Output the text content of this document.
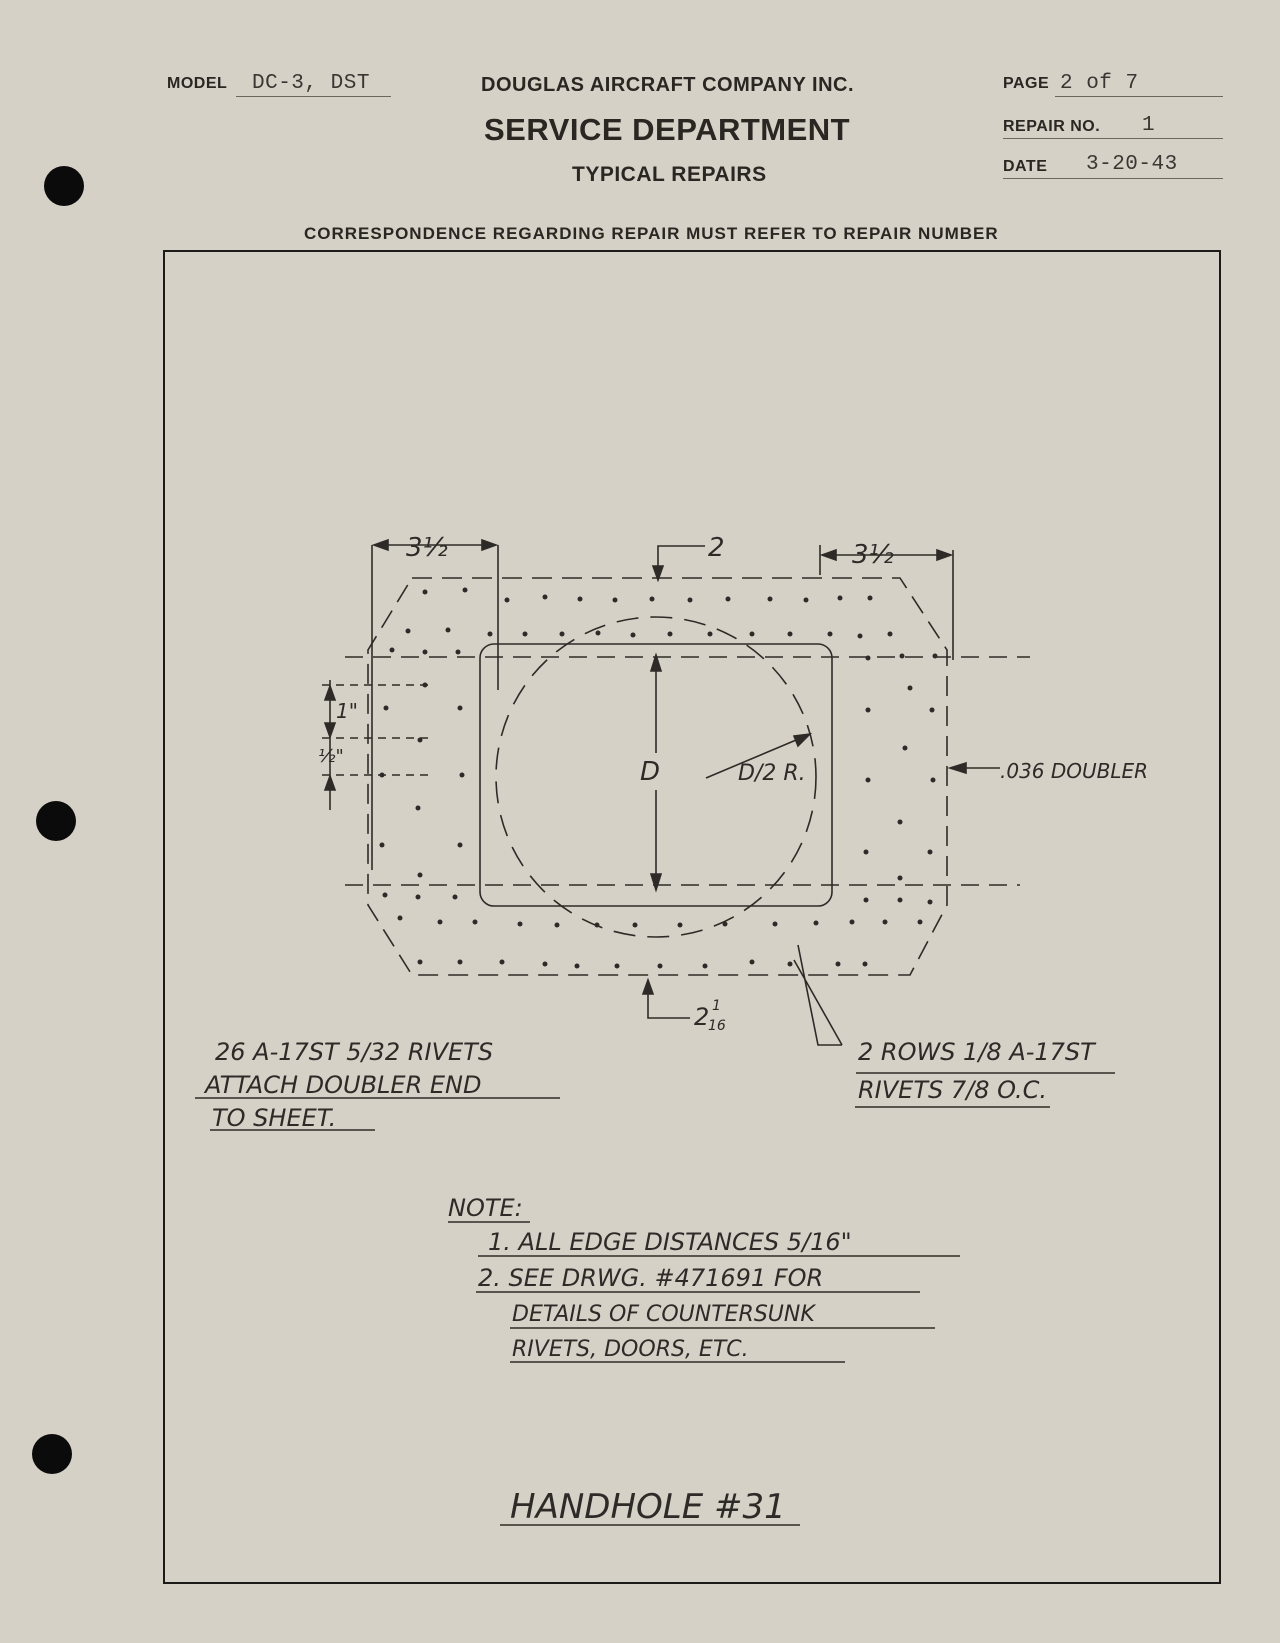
MODEL DC-3, DST	DOUGLAS AIRCRAFT COMPANY INC.
SERVICE DEPARTMENT
TYPICAL REPAIRS
PAGE 2 of 7
REPAIR NO. 1
DATE 3-20-43
CORRESPONDENCE REGARDING REPAIR MUST REFER TO REPAIR NUMBER
3½	2	3½
1"
½"
D	D/2 R.	.036 DOUBLER
2 1
16
26 A-17ST 5/32 RIVETS
ATTACH DOUBLER END
TO SHEET.
2 ROWS 1/8 A-17ST
RIVETS 7/8 O.C.
NOTE:
1. ALL EDGE DISTANCES 5/16"
2. SEE DRWG. #471691 FOR
DETAILS OF COUNTERSUNK
RIVETS, DOORS, ETC.
HANDHOLE #31
